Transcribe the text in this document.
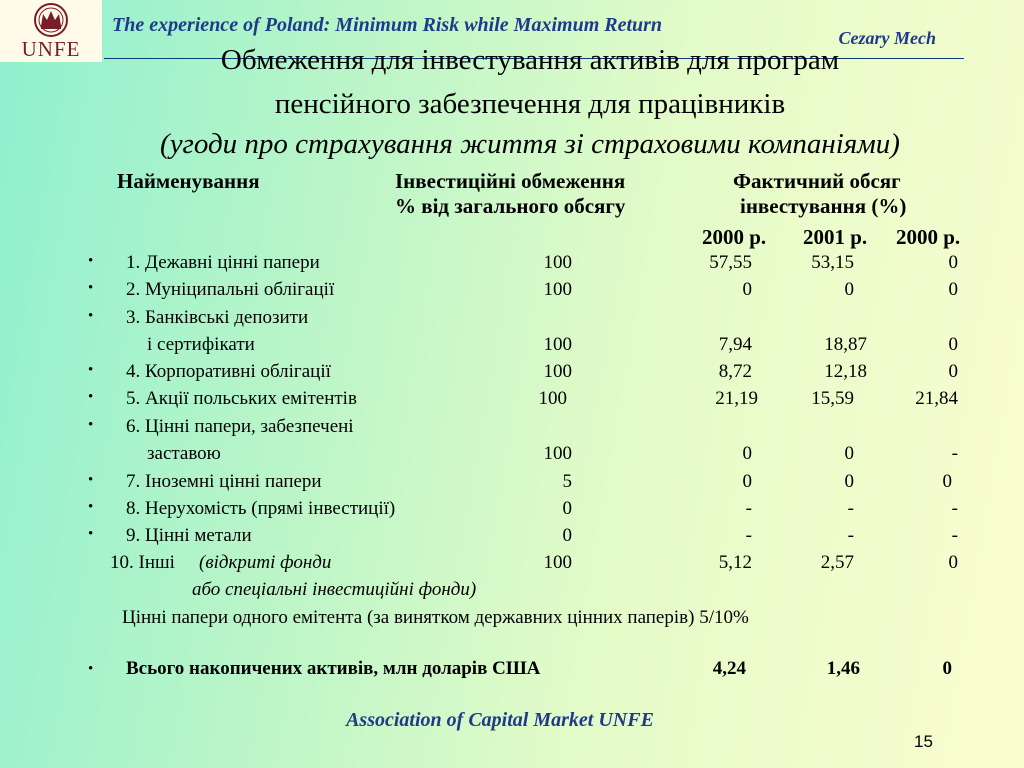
UNFE
The experience of Poland: Minimum Risk while Maximum Return
Cezary Mech
Обмеження для інвестування активів для програм
пенсійного забезпечення для працівників
(угоди про страхування життя зі страховими компаніями)
Найменування	Інвестиційні обмеження
% від загального обсягу
Фактичний обсяг
інвестування (%)
2000 р. 2001 р. 2000 р.
• 1. Дежавні цінні папери	100	57,55	53,15	0
• 2. Муніципальні облігації	100	0	0	0
• 3. Банківські депозити
і сертифікати	100	7,94	18,87	0
• 4. Корпоративні облігації	100	8,72	12,18	0
• 5. Акції польських емітентів	100	21,19	15,59	21,84
• 6. Цінні папери, забезпечені
заставою	100	0	0	-
• 7. Іноземні цінні папери	5	0	0	0
• 8. Нерухомість (прямі інвестиції)	0	-	-	-
• 9. Цінні метали	0	-	-	-
10. Інші (відкриті фонди
або спеціальні інвестиційні фонди)
100	5,12	2,57	0
Цінні папери одного емітента (за винятком державних цінних паперів) 5/10%
• Всього накопичених активів, млн доларів США	4,24	1,46	0
Association of Capital Market UNFE
15
